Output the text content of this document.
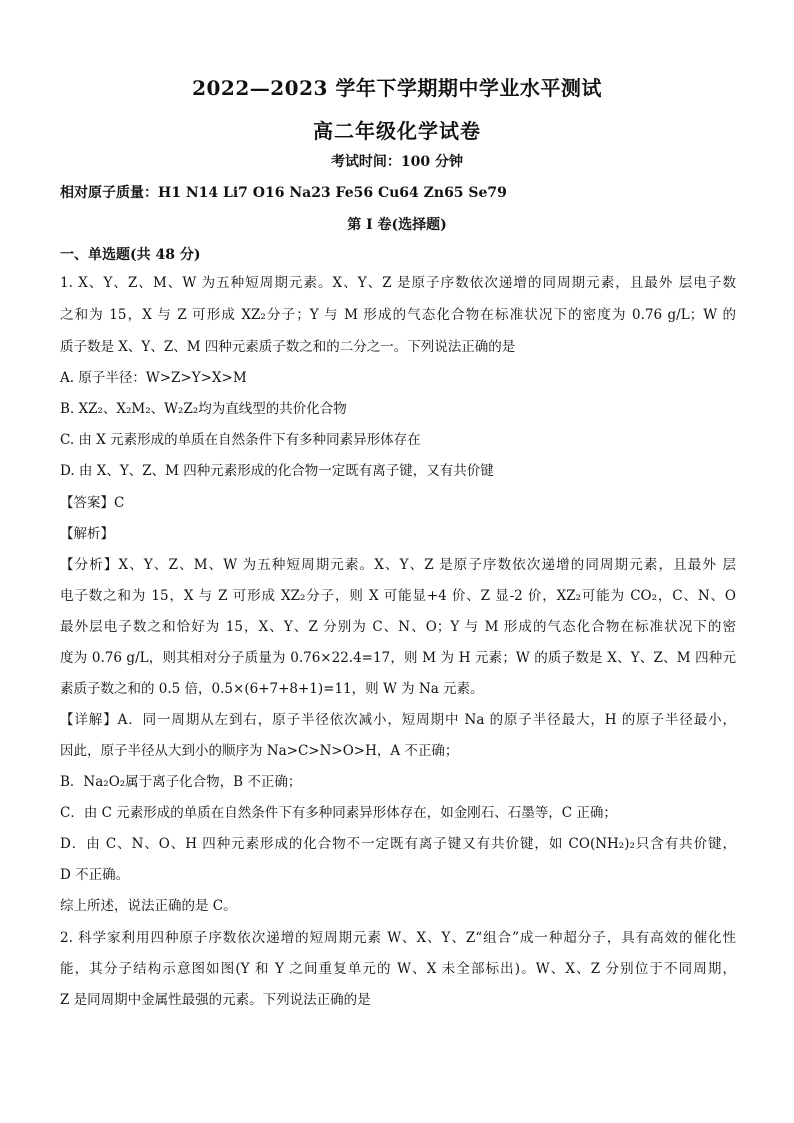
2022—2023 学年下学期期中学业水平测试
高二年级化学试卷
考试时间：100 分钟
相对原子质量：H1 N14 Li7 O16 Na23 Fe56 Cu64 Zn65 Se79
第 I 卷(选择题)
一、单选题(共 48 分)
1. X、Y、Z、M、W 为五种短周期元素。X、Y、Z 是原子序数依次递增的同周期元素，且最外 层电子数
之和为 15，X 与 Z 可形成 XZ₂分子；Y 与 M 形成的气态化合物在标准状况下的密度为 0.76 g/L；W 的
质子数是 X、Y、Z、M 四种元素质子数之和的二分之一。下列说法正确的是
A. 原子半径：W>Z>Y>X>M
B. XZ₂、X₂M₂、W₂Z₂均为直线型的共价化合物
C. 由 X 元素形成的单质在自然条件下有多种同素异形体存在
D. 由 X、Y、Z、M 四种元素形成的化合物一定既有离子键，又有共价键
【答案】C
【解析】
【分析】X、Y、Z、M、W 为五种短周期元素。X、Y、Z 是原子序数依次递增的同周期元素，且最外 层
电子数之和为 15，X 与 Z 可形成 XZ₂分子，则 X 可能显+4 价、Z 显-2 价，XZ₂可能为 CO₂，C、N、O
最外层电子数之和恰好为 15，X、Y、Z 分别为 C、N、O；Y 与 M 形成的气态化合物在标准状况下的密
度为 0.76 g/L，则其相对分子质量为 0.76×22.4=17，则 M 为 H 元素；W 的质子数是 X、Y、Z、M 四种元
素质子数之和的 0.5 倍，0.5×(6+7+8+1)=11，则 W 为 Na 元素。
【详解】A．同一周期从左到右，原子半径依次减小，短周期中 Na 的原子半径最大，H 的原子半径最小，
因此，原子半径从大到小的顺序为 Na>C>N>O>H，A 不正确；
B．Na₂O₂属于离子化合物，B 不正确；
C．由 C 元素形成的单质在自然条件下有多种同素异形体存在，如金刚石、石墨等，C 正确；
D．由 C、N、O、H 四种元素形成的化合物不一定既有离子键又有共价键，如 CO(NH₂)₂只含有共价键，
D 不正确。
综上所述，说法正确的是 C。
2. 科学家利用四种原子序数依次递增的短周期元素 W、X、Y、Z“组合”成一种超分子，具有高效的催化性
能，其分子结构示意图如图(Y 和 Y 之间重复单元的 W、X 未全部标出)。W、X、Z 分别位于不同周期，
Z 是同周期中金属性最强的元素。下列说法正确的是
